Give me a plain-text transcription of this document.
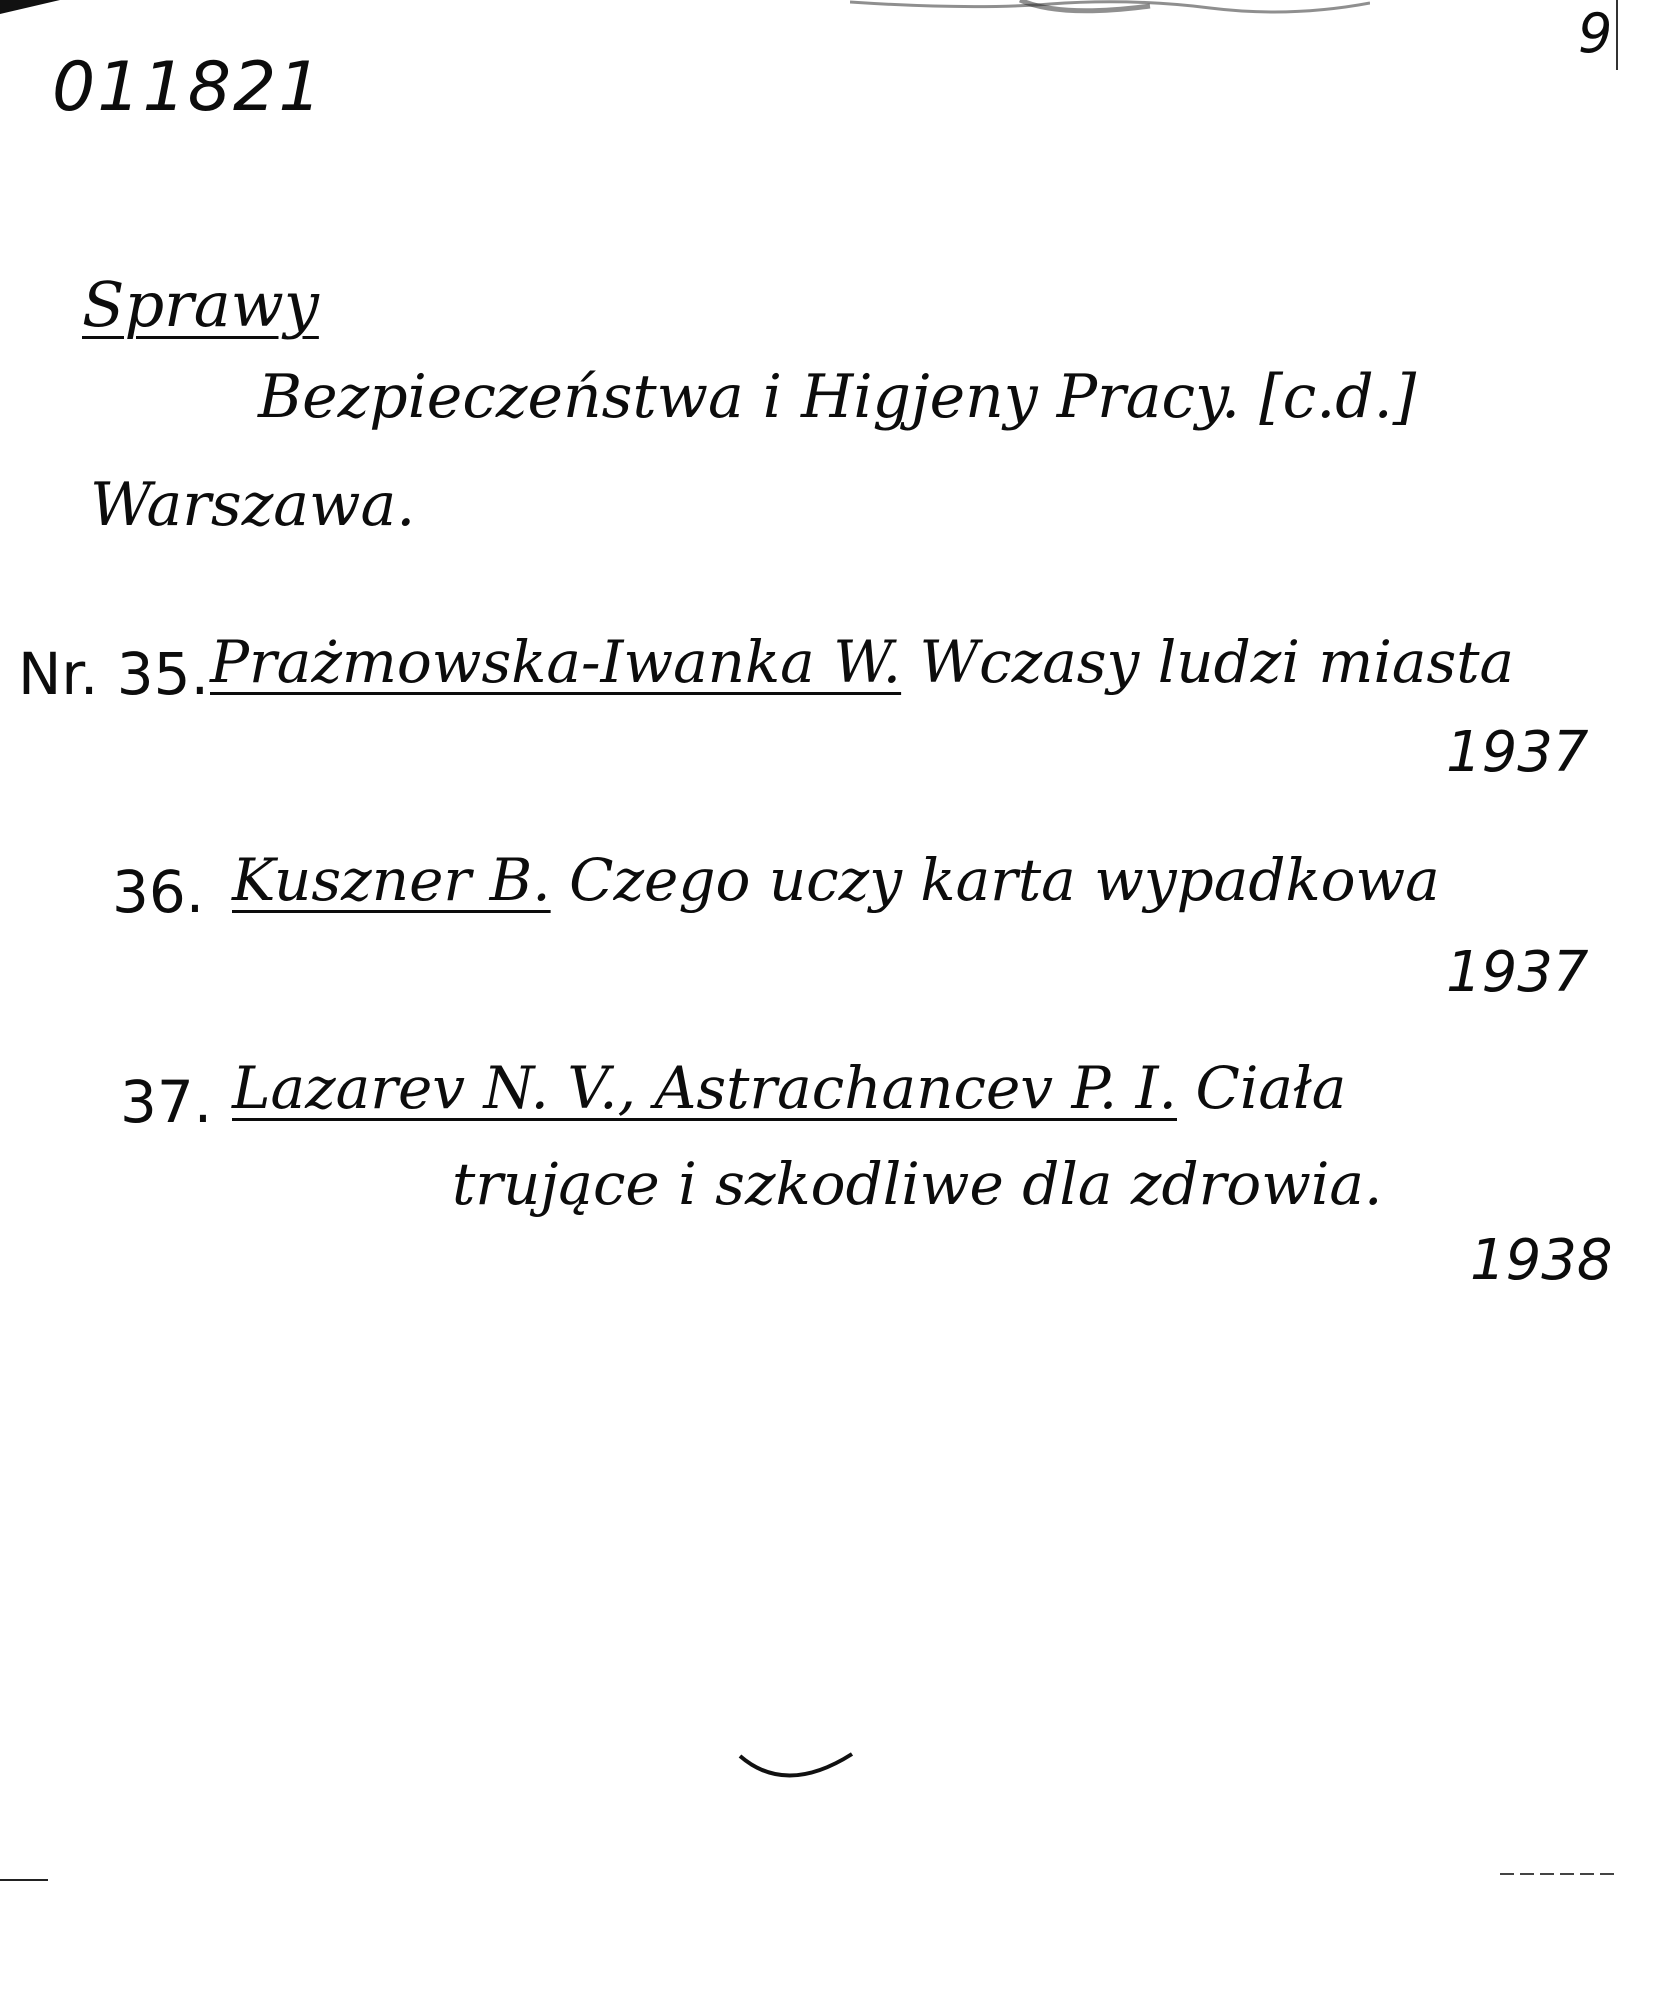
011821
9
Sprawy
Bezpieczeństwa i Higjeny Pracy. [c.d.]
Warszawa.
Nr. 35. Prażmowska-Iwanka W. Wczasy ludzi miasta
1937
36. Kuszner B. Czego uczy karta wypadkowa
1937
37. Lazarev N. V., Astrachancev P. I. Ciała
trujące i szkodliwe dla zdrowia.
1938
